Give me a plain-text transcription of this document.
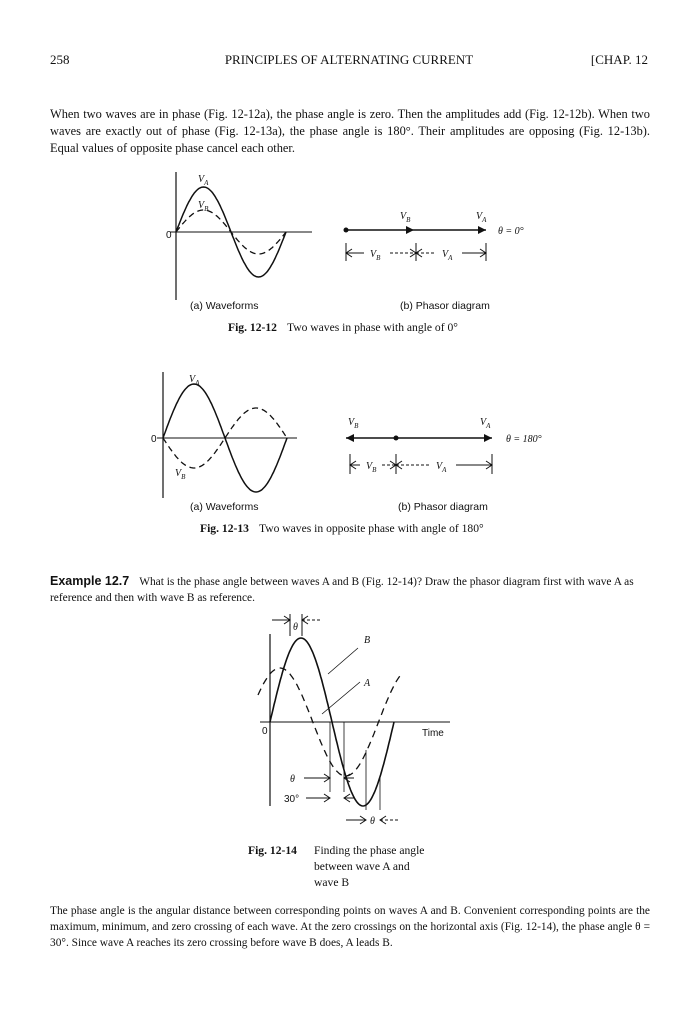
258	PRINCIPLES OF ALTERNATING CURRENT	[CHAP. 12
When two waves are in phase (Fig. 12-12a), the phase angle is zero. Then the amplitudes add (Fig. 12-12b). When two waves are exactly out of phase (Fig. 12-13a), the phase angle is 180°. Their amplitudes are opposing (Fig. 12-13b). Equal values of opposite phase cancel each other.
0
$V_A$
$V_B$
$V_B$	$V_A$
θ = 0°
$V_B$	$V_A$
(a) Waveforms	(b) Phasor diagram
Fig. 12-12 Two waves in phase with angle of 0°
0
$V_A$
$V_B$
$V_B$	$V_A$
θ = 180°
$V_B$	$V_A$
(a) Waveforms	(b) Phasor diagram
Fig. 12-13 Two waves in opposite phase with angle of 180°
Example 12.7 What is the phase angle between waves A and B (Fig. 12-14)? Draw the phasor diagram first with wave A as reference and then with wave B as reference.
θ
B
A
0	Time
θ
30°
θ
Fig. 12-14 Finding the phase angle
between wave A and
wave B
The phase angle is the angular distance between corresponding points on waves A and B. Convenient corresponding points are the maximum, minimum, and zero crossing of each wave. At the zero crossings on the horizontal axis (Fig. 12-14), the phase angle θ = 30°. Since wave A reaches its zero crossing before wave B does, A leads B.
